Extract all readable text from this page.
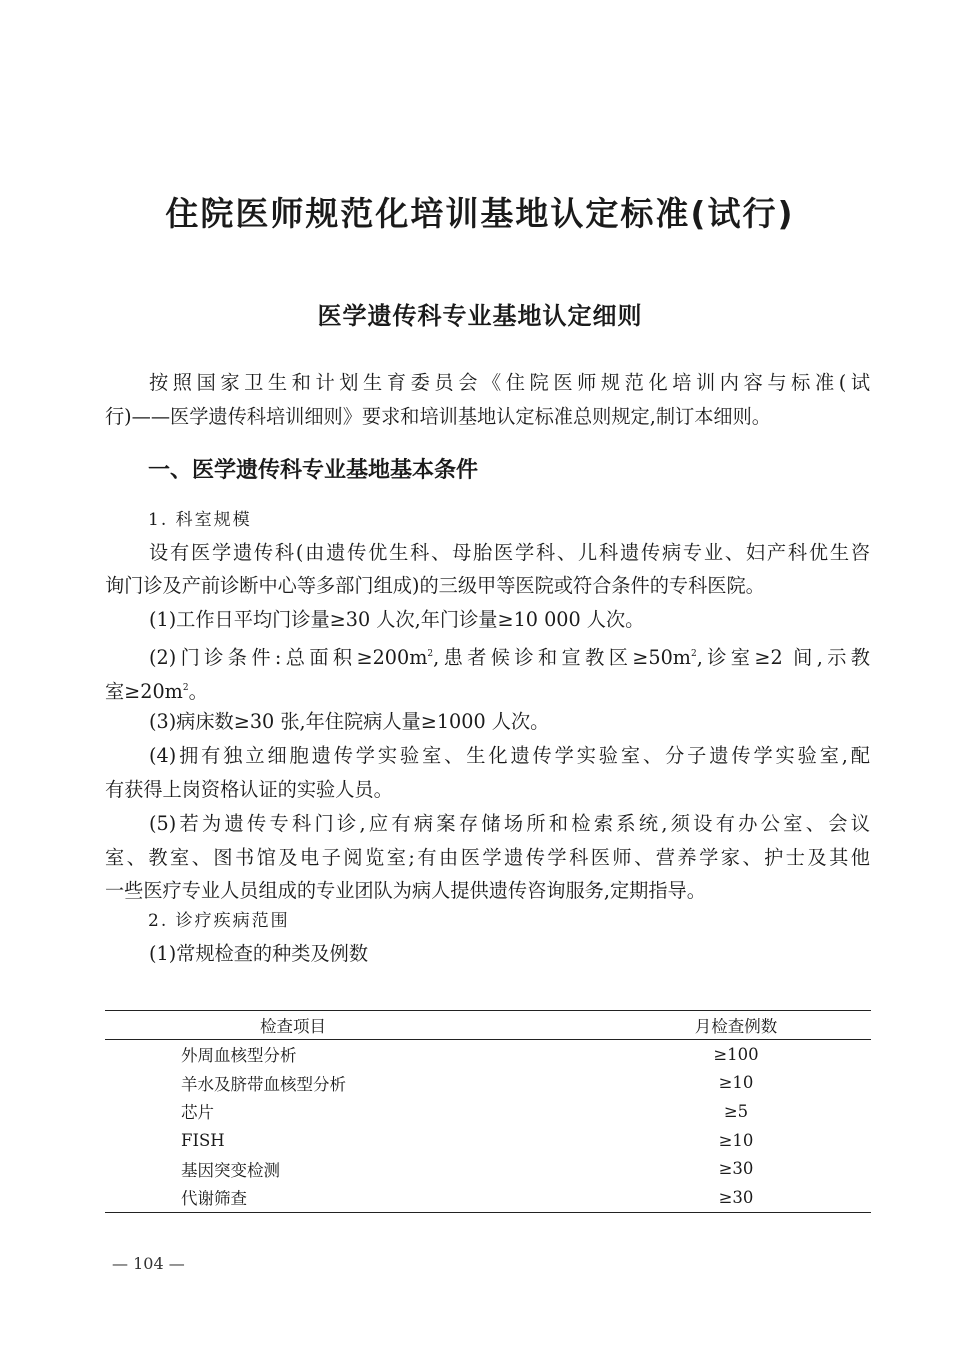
住院医师规范化培训基地认定标准(试行)
医学遗传科专业基地认定细则

按照国家卫生和计划生育委员会《住院医师规范化培训内容与标准(试

行)——医学遗传科培训细则》要求和培训基地认定标准总则规定,制订本细则。

一、医学遗传科专业基地基本条件
1. 科室规模

设有医学遗传科(由遗传优生科、母胎医学科、儿科遗传病专业、妇产科优生咨

询门诊及产前诊断中心等多部门组成)的三级甲等医院或符合条件的专科医院。

(1)工作日平均门诊量≥30 人次,年门诊量≥10 000 人次。

(2)门诊条件:总面积$\ge 200m^2$,患者候诊和宣教区$\ge 50m^2$,诊室≥2 间,示教

室$\ge 20m^2$。

(3)病床数≥30 张,年住院病人量≥1000 人次。

(4)拥有独立细胞遗传学实验室、生化遗传学实验室、分子遗传学实验室,配

有获得上岗资格认证的实验人员。

(5)若为遗传专科门诊,应有病案存储场所和检索系统,须设有办公室、会议

室、教室、图书馆及电子阅览室;有由医学遗传学科医师、营养学家、护士及其他

一些医疗专业人员组成的专业团队为病人提供遗传咨询服务,定期指导。

2. 诊疗疾病范围

(1)常规检查的种类及例数

检查项目	月检查例数
外周血核型分析	≥100
羊水及脐带血核型分析	≥10
芯片	≥5
FISH	≥10
基因突变检测	≥30
代谢筛查	≥30
— 104 —
